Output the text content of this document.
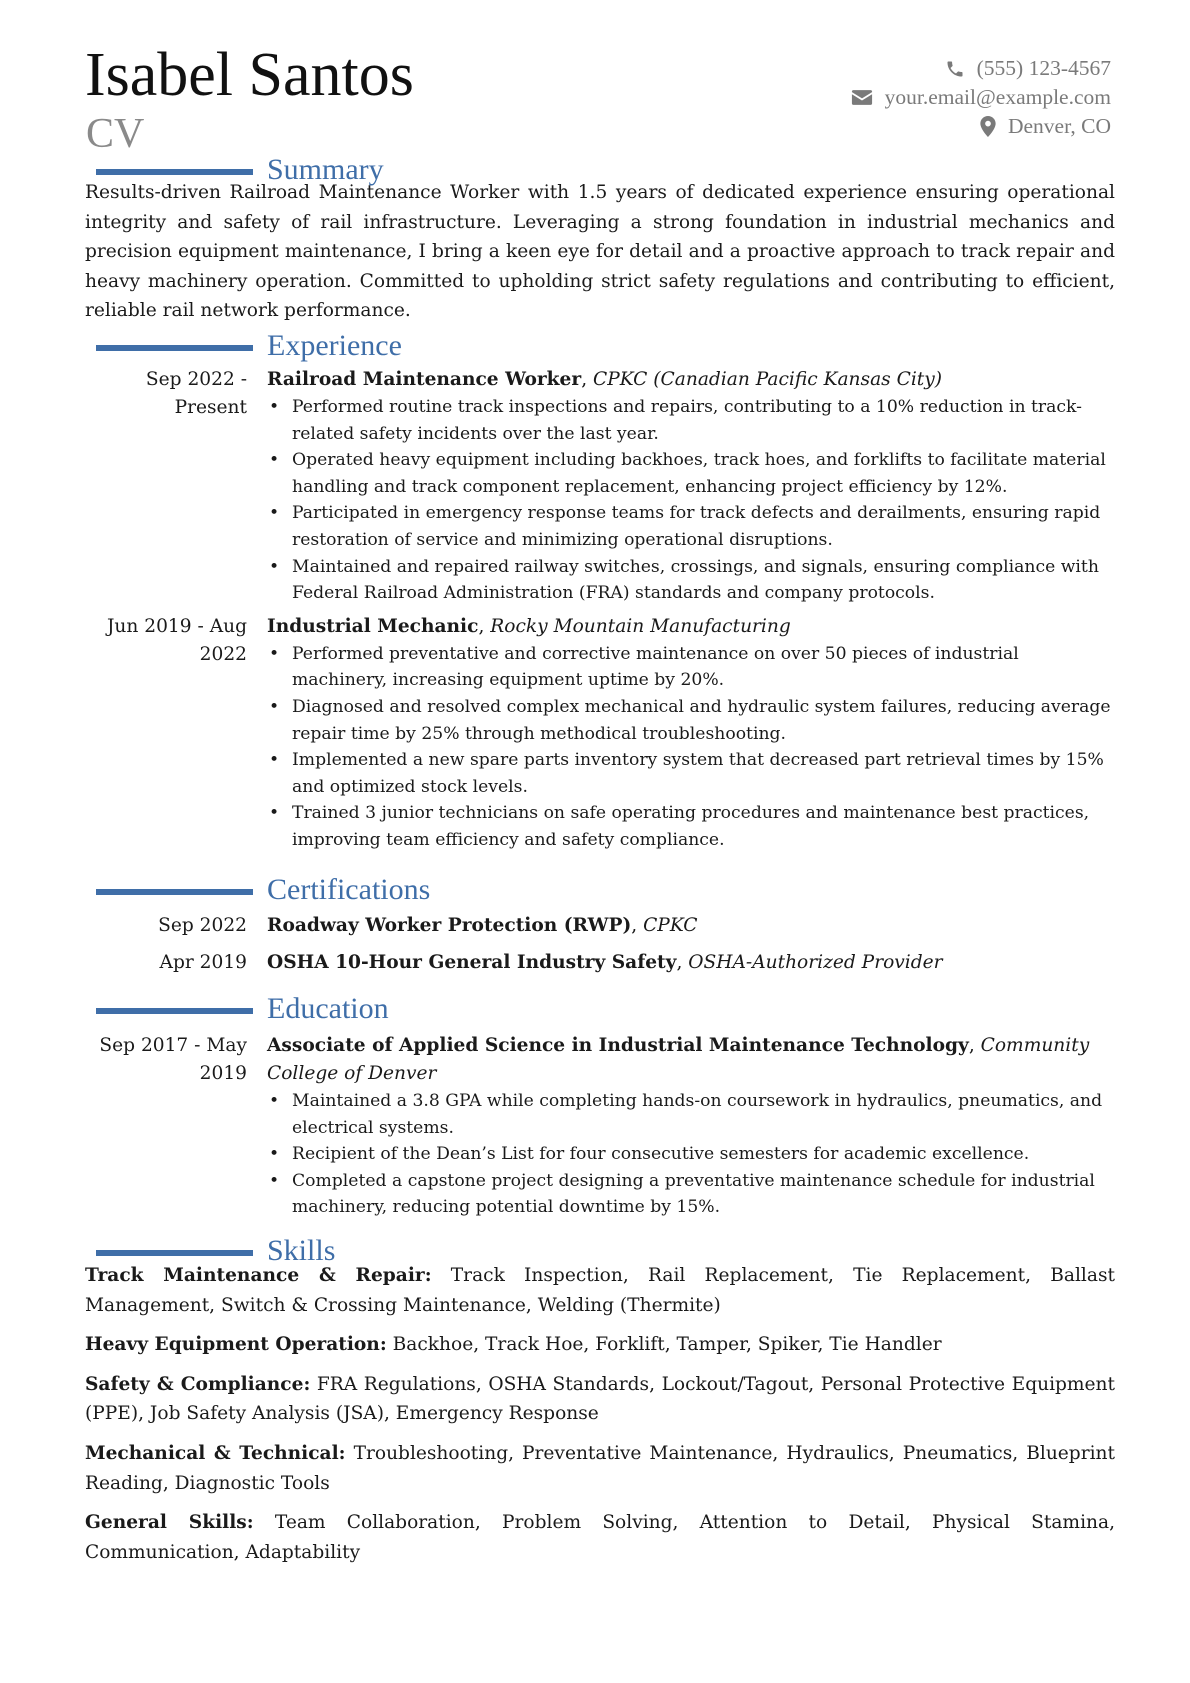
Isabel Santos
CV
(555) 123-4567
your.email@example.com
Denver, CO
Summary

Results-driven Railroad Maintenance Worker with 1.5 years of dedicated experience ensuring operational integrity and safety of rail infrastructure. Leveraging a strong foundation in industrial mechanics and precision equipment maintenance, I bring a keen eye for detail and a proactive approach to track repair and heavy machinery operation. Committed to upholding strict safety regulations and contributing to efficient, reliable rail network performance.

Experience
Sep 2022 - Present
Railroad Maintenance Worker, CPKC (Canadian Pacific Kansas City)
• Performed routine track inspections and repairs, contributing to a 10% reduction in track-related safety incidents over the last year.
• Operated heavy equipment including backhoes, track hoes, and forklifts to facilitate material handling and track component replacement, enhancing project efficiency by 12%.
• Participated in emergency response teams for track defects and derailments, ensuring rapid restoration of service and minimizing operational disruptions.
• Maintained and repaired railway switches, crossings, and signals, ensuring compliance with Federal Railroad Administration (FRA) standards and company protocols.
Jun 2019 - Aug 2022
Industrial Mechanic, Rocky Mountain Manufacturing
• Performed preventative and corrective maintenance on over 50 pieces of industrial machinery, increasing equipment uptime by 20%.
• Diagnosed and resolved complex mechanical and hydraulic system failures, reducing average repair time by 25% through methodical troubleshooting.
• Implemented a new spare parts inventory system that decreased part retrieval times by 15% and optimized stock levels.
• Trained 3 junior technicians on safe operating procedures and maintenance best practices, improving team efficiency and safety compliance.
Certifications
Sep 2022 Roadway Worker Protection (RWP), CPKC
Apr 2019 OSHA 10-Hour General Industry Safety, OSHA-Authorized Provider
Education
Sep 2017 - May 2019
Associate of Applied Science in Industrial Maintenance Technology, Community College of Denver
• Maintained a 3.8 GPA while completing hands-on coursework in hydraulics, pneumatics, and electrical systems.
• Recipient of the Dean’s List for four consecutive semesters for academic excellence.
• Completed a capstone project designing a preventative maintenance schedule for industrial machinery, reducing potential downtime by 15%.
Skills

Track Maintenance & Repair: Track Inspection, Rail Replacement, Tie Replacement, Ballast Management, Switch & Crossing Maintenance, Welding (Thermite)

Heavy Equipment Operation: Backhoe, Track Hoe, Forklift, Tamper, Spiker, Tie Handler

Safety & Compliance: FRA Regulations, OSHA Standards, Lockout/Tagout, Personal Protective Equipment (PPE), Job Safety Analysis (JSA), Emergency Response

Mechanical & Technical: Troubleshooting, Preventative Maintenance, Hydraulics, Pneumatics, Blueprint Reading, Diagnostic Tools

General Skills: Team Collaboration, Problem Solving, Attention to Detail, Physical Stamina, Communication, Adaptability
